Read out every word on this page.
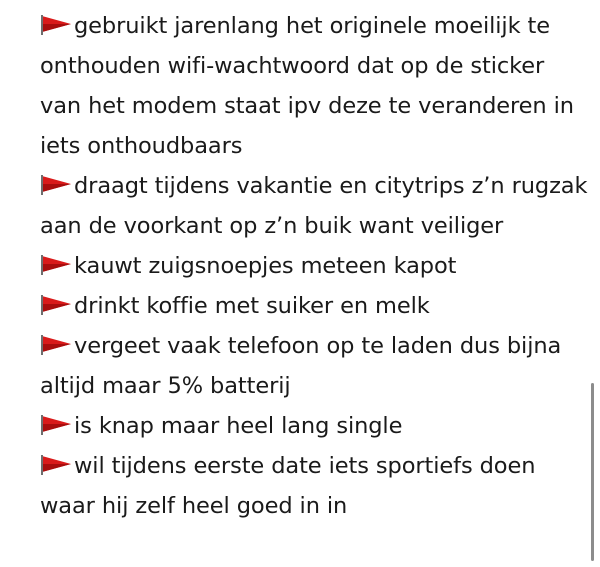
gebruikt jarenlang het originele moeilijk te onthouden wifi-wachtwoord dat op de sticker van het modem staat ipv deze te veranderen in iets onthoudbaars
draagt tijdens vakantie en citytrips z’n rugzak aan de voorkant op z’n buik want veiliger
kauwt zuigsnoepjes meteen kapot
drinkt koffie met suiker en melk
vergeet vaak telefoon op te laden dus bijna altijd maar 5% batterij
is knap maar heel lang single
wil tijdens eerste date iets sportiefs doen waar hij zelf heel goed in in
